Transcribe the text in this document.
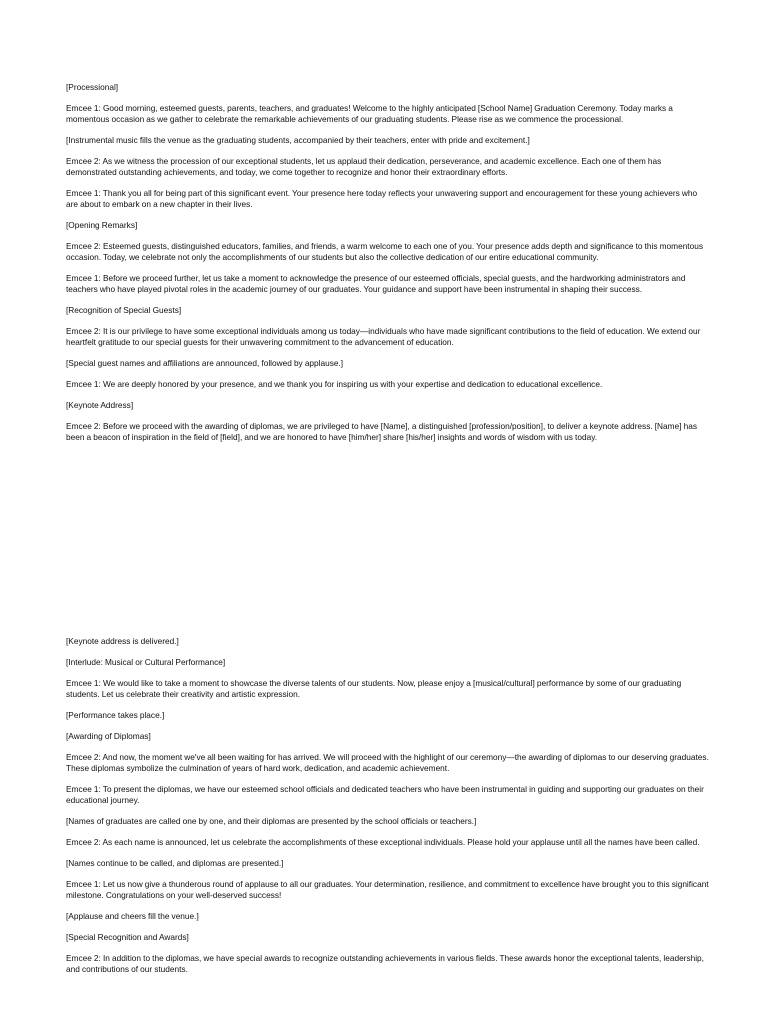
[Processional]

Emcee 1: Good morning, esteemed guests, parents, teachers, and graduates! Welcome to the highly anticipated [School Name] Graduation Ceremony. Today marks a momentous occasion as we gather to celebrate the remarkable achievements of our graduating students. Please rise as we commence the processional.

[Instrumental music fills the venue as the graduating students, accompanied by their teachers, enter with pride and excitement.]

Emcee 2: As we witness the procession of our exceptional students, let us applaud their dedication, perseverance, and academic excellence. Each one of them has demonstrated outstanding achievements, and today, we come together to recognize and honor their extraordinary efforts.

Emcee 1: Thank you all for being part of this significant event. Your presence here today reflects your unwavering support and encouragement for these young achievers who are about to embark on a new chapter in their lives.

[Opening Remarks]

Emcee 2: Esteemed guests, distinguished educators, families, and friends, a warm welcome to each one of you. Your presence adds depth and significance to this momentous occasion. Today, we celebrate not only the accomplishments of our students but also the collective dedication of our entire educational community.

Emcee 1: Before we proceed further, let us take a moment to acknowledge the presence of our esteemed officials, special guests, and the hardworking administrators and teachers who have played pivotal roles in the academic journey of our graduates. Your guidance and support have been instrumental in shaping their success.

[Recognition of Special Guests]

Emcee 2: It is our privilege to have some exceptional individuals among us today—individuals who have made significant contributions to the field of education. We extend our heartfelt gratitude to our special guests for their unwavering commitment to the advancement of education.

[Special guest names and affiliations are announced, followed by applause.]

Emcee 1: We are deeply honored by your presence, and we thank you for inspiring us with your expertise and dedication to educational excellence.

[Keynote Address]

Emcee 2: Before we proceed with the awarding of diplomas, we are privileged to have [Name], a distinguished [profession/position], to deliver a keynote address. [Name] has been a beacon of inspiration in the field of [field], and we are honored to have [him/her] share [his/her] insights and words of wisdom with us today.

[Keynote address is delivered.]

[Interlude: Musical or Cultural Performance]

Emcee 1: We would like to take a moment to showcase the diverse talents of our students. Now, please enjoy a [musical/cultural] performance by some of our graduating students. Let us celebrate their creativity and artistic expression.

[Performance takes place.]

[Awarding of Diplomas]

Emcee 2: And now, the moment we've all been waiting for has arrived. We will proceed with the highlight of our ceremony—the awarding of diplomas to our deserving graduates. These diplomas symbolize the culmination of years of hard work, dedication, and academic achievement.

Emcee 1: To present the diplomas, we have our esteemed school officials and dedicated teachers who have been instrumental in guiding and supporting our graduates on their educational journey.

[Names of graduates are called one by one, and their diplomas are presented by the school officials or teachers.]

Emcee 2: As each name is announced, let us celebrate the accomplishments of these exceptional individuals. Please hold your applause until all the names have been called.

[Names continue to be called, and diplomas are presented.]

Emcee 1: Let us now give a thunderous round of applause to all our graduates. Your determination, resilience, and commitment to excellence have brought you to this significant milestone. Congratulations on your well-deserved success!

[Applause and cheers fill the venue.]

[Special Recognition and Awards]

Emcee 2: In addition to the diplomas, we have special awards to recognize outstanding achievements in various fields. These awards honor the exceptional talents, leadership, and contributions of our students.
